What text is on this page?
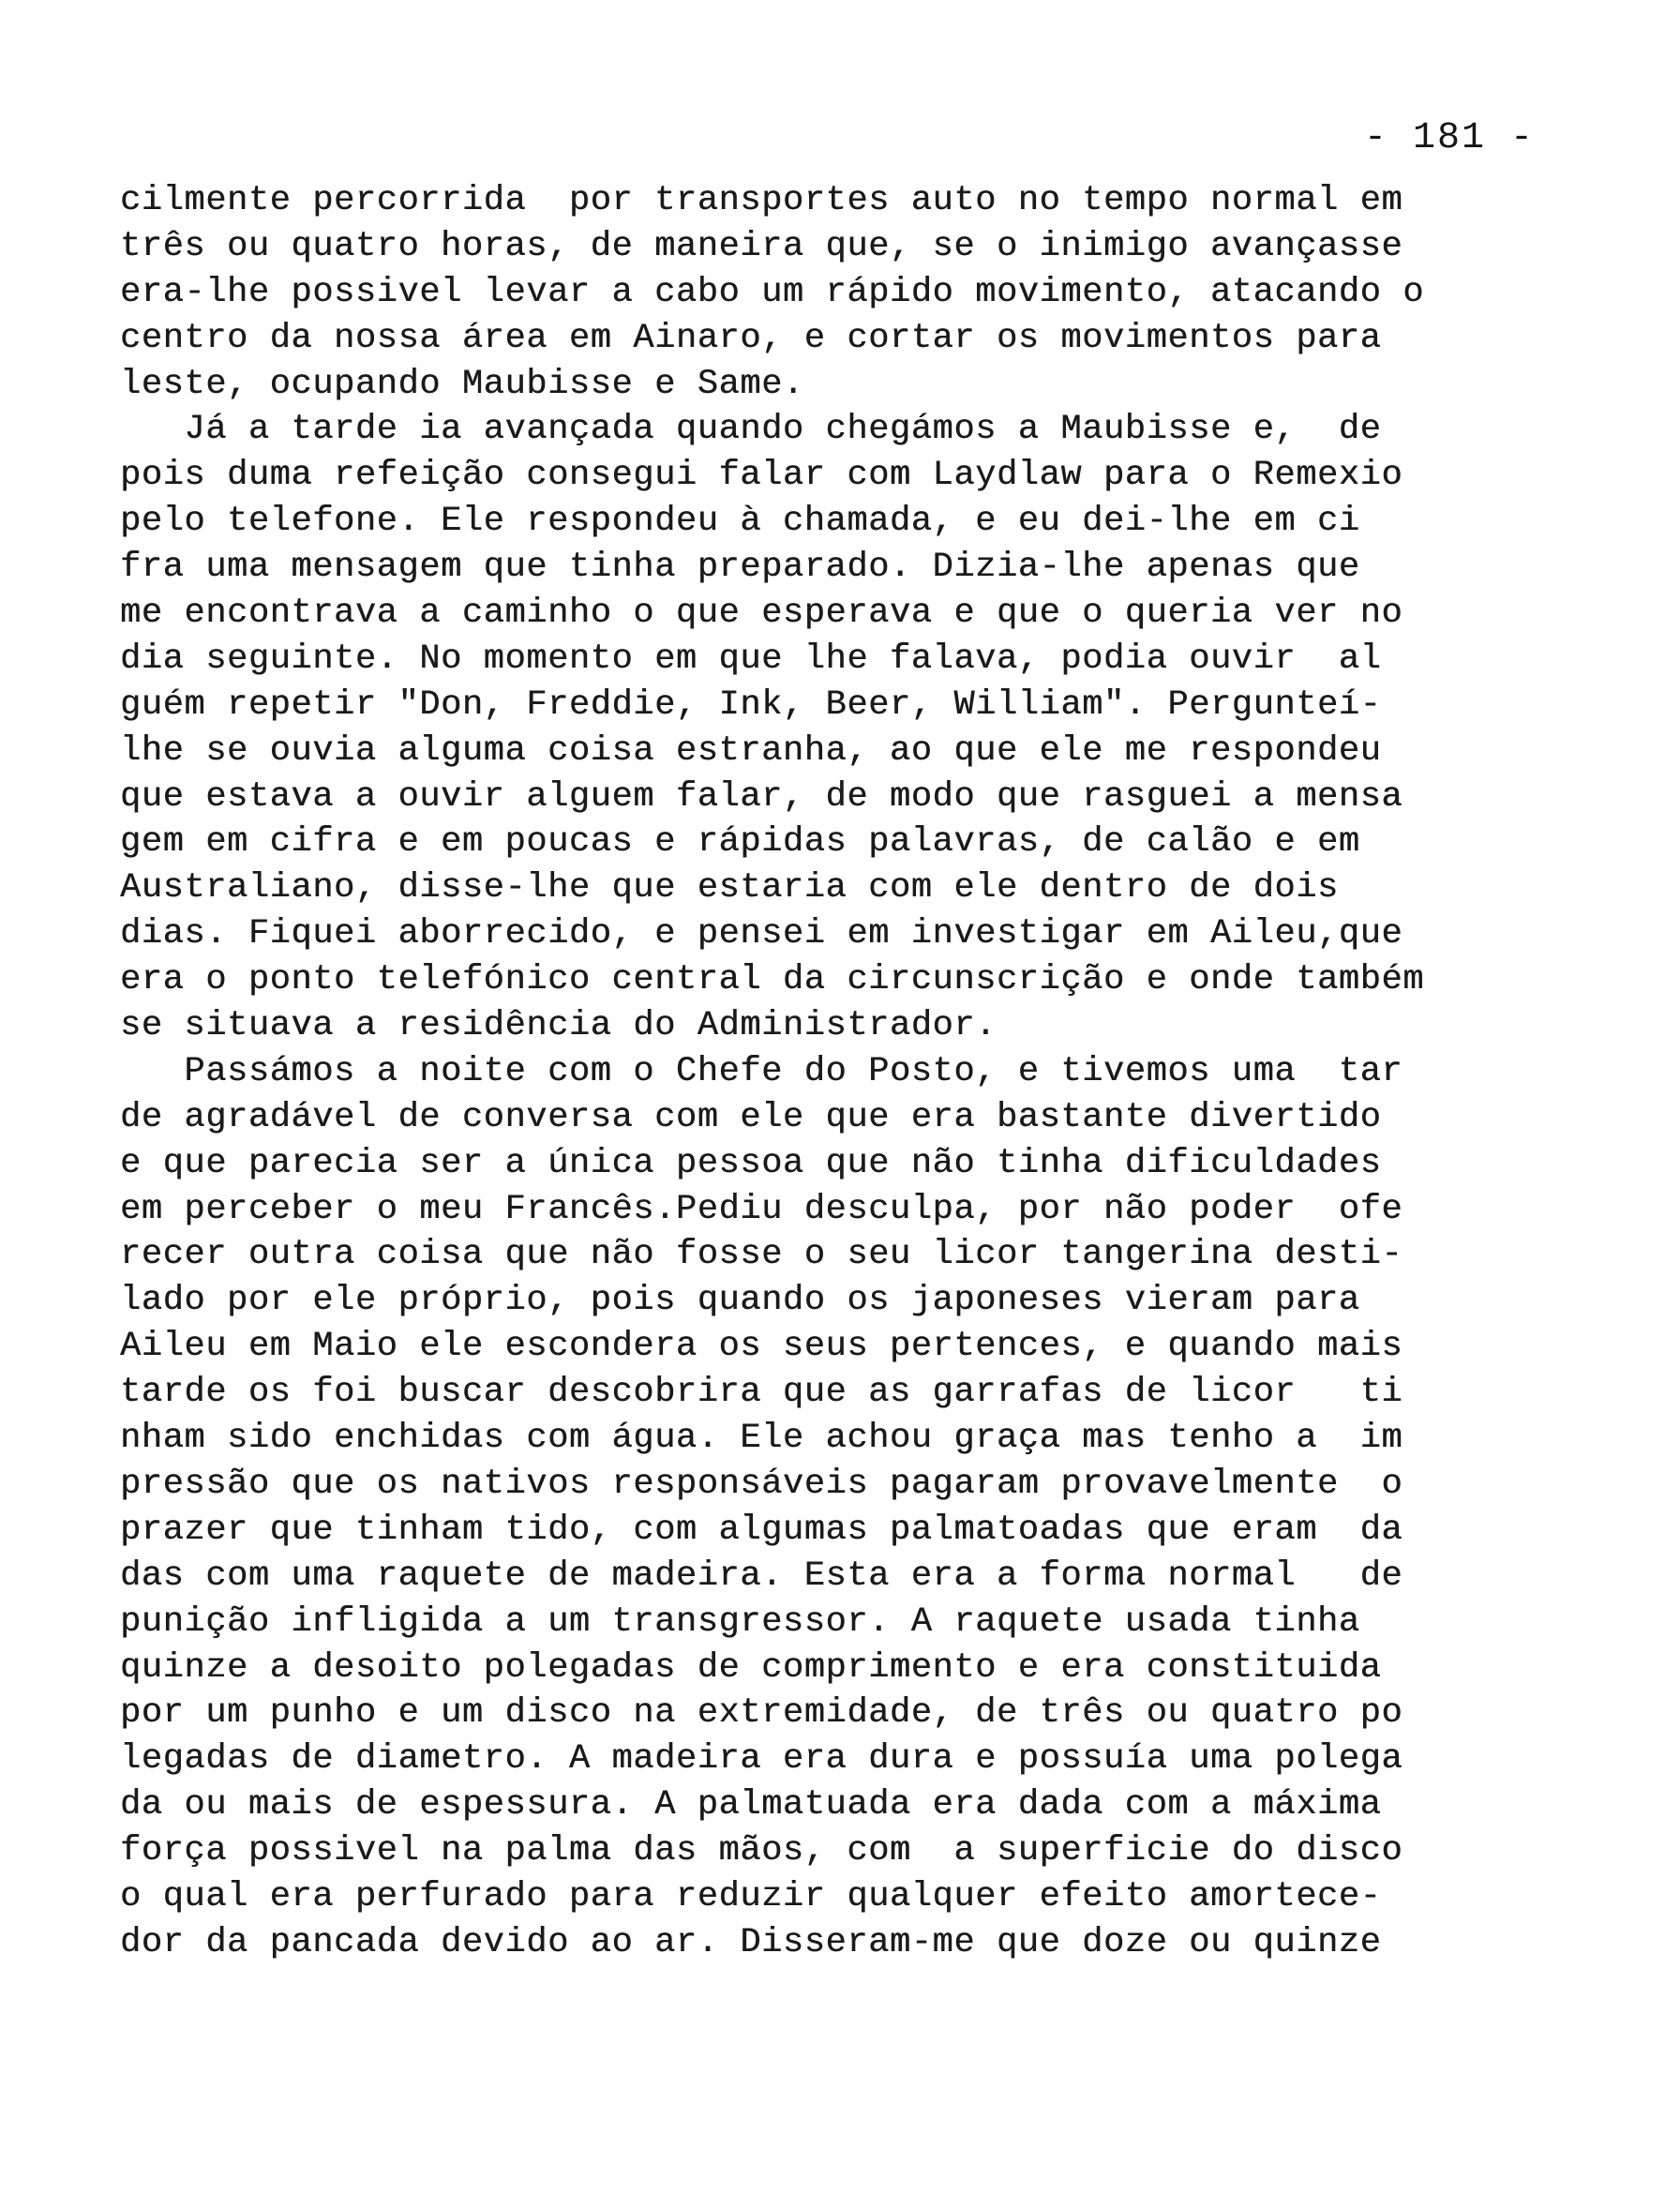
- 181 -
cilmente percorrida  por transportes auto no tempo normal em
três ou quatro horas, de maneira que, se o inimigo avançasse
era-lhe possivel levar a cabo um rápido movimento, atacando o
centro da nossa área em Ainaro, e cortar os movimentos para
leste, ocupando Maubisse e Same.
Já a tarde ia avançada quando chegámos a Maubisse e,  de
pois duma refeição consegui falar com Laydlaw para o Remexio
pelo telefone. Ele respondeu à chamada, e eu dei-lhe em ci
fra uma mensagem que tinha preparado. Dizia-lhe apenas que
me encontrava a caminho o que esperava e que o queria ver no
dia seguinte. No momento em que lhe falava, podia ouvir  al
guém repetir "Don, Freddie, Ink, Beer, William". Pergunteí-
lhe se ouvia alguma coisa estranha, ao que ele me respondeu
que estava a ouvir alguem falar, de modo que rasguei a mensa
gem em cifra e em poucas e rápidas palavras, de calão e em
Australiano, disse-lhe que estaria com ele dentro de dois
dias. Fiquei aborrecido, e pensei em investigar em Aileu,que
era o ponto telefónico central da circunscrição e onde também
se situava a residência do Administrador.
Passámos a noite com o Chefe do Posto, e tivemos uma  tar
de agradável de conversa com ele que era bastante divertido
e que parecia ser a única pessoa que não tinha dificuldades
em perceber o meu Francês.Pediu desculpa, por não poder  ofe
recer outra coisa que não fosse o seu licor tangerina desti-
lado por ele próprio, pois quando os japoneses vieram para
Aileu em Maio ele escondera os seus pertences, e quando mais
tarde os foi buscar descobrira que as garrafas de licor   ti
nham sido enchidas com água. Ele achou graça mas tenho a  im
pressão que os nativos responsáveis pagaram provavelmente  o
prazer que tinham tido, com algumas palmatoadas que eram  da
das com uma raquete de madeira. Esta era a forma normal   de
punição infligida a um transgressor. A raquete usada tinha
quinze a desoito polegadas de comprimento e era constituida
por um punho e um disco na extremidade, de três ou quatro po
legadas de diametro. A madeira era dura e possuía uma polega
da ou mais de espessura. A palmatuada era dada com a máxima
força possivel na palma das mãos, com  a superficie do disco
o qual era perfurado para reduzir qualquer efeito amortece-
dor da pancada devido ao ar. Disseram-me que doze ou quinze
